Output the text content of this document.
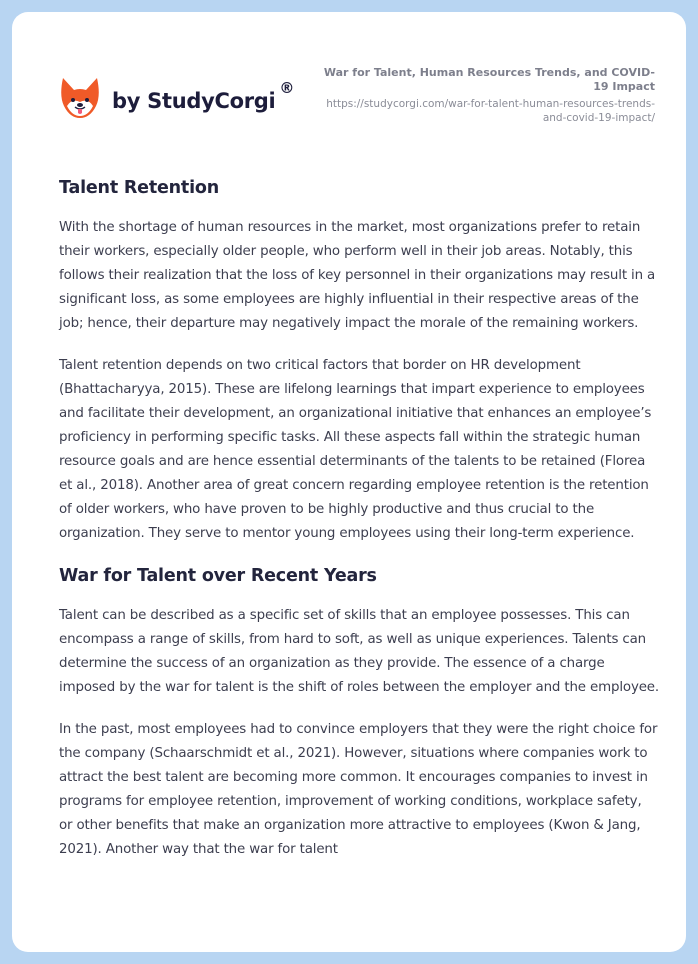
by StudyCorgi
®
War for Talent, Human Resources Trends, and COVID-19 Impact
https://studycorgi.com/war-for-talent-human-resources-trends-and-covid-19-impact/
Talent Retention

With the shortage of human resources in the market, most organizations prefer to retain their workers, especially older people, who perform well in their job areas. Notably, this follows their realization that the loss of key personnel in their organizations may result in a significant loss, as some employees are highly influential in their respective areas of the job; hence, their departure may negatively impact the morale of the remaining workers.

Talent retention depends on two critical factors that border on HR development (Bhattacharyya, 2015). These are lifelong learnings that impart experience to employees and facilitate their development, an organizational initiative that enhances an employee’s proficiency in performing specific tasks. All these aspects fall within the strategic human resource goals and are hence essential determinants of the talents to be retained (Florea et al., 2018). Another area of great concern regarding employee retention is the retention of older workers, who have proven to be highly productive and thus crucial to the organization. They serve to mentor young employees using their long-term experience.

War for Talent over Recent Years

Talent can be described as a specific set of skills that an employee possesses. This can encompass a range of skills, from hard to soft, as well as unique experiences. Talents can determine the success of an organization as they provide. The essence of a charge imposed by the war for talent is the shift of roles between the employer and the employee.

In the past, most employees had to convince employers that they were the right choice for the company (Schaarschmidt et al., 2021). However, situations where companies work to attract the best talent are becoming more common. It encourages companies to invest in programs for employee retention, improvement of working conditions, workplace safety, or other benefits that make an organization more attractive to employees (Kwon & Jang, 2021). Another way that the war for talent
